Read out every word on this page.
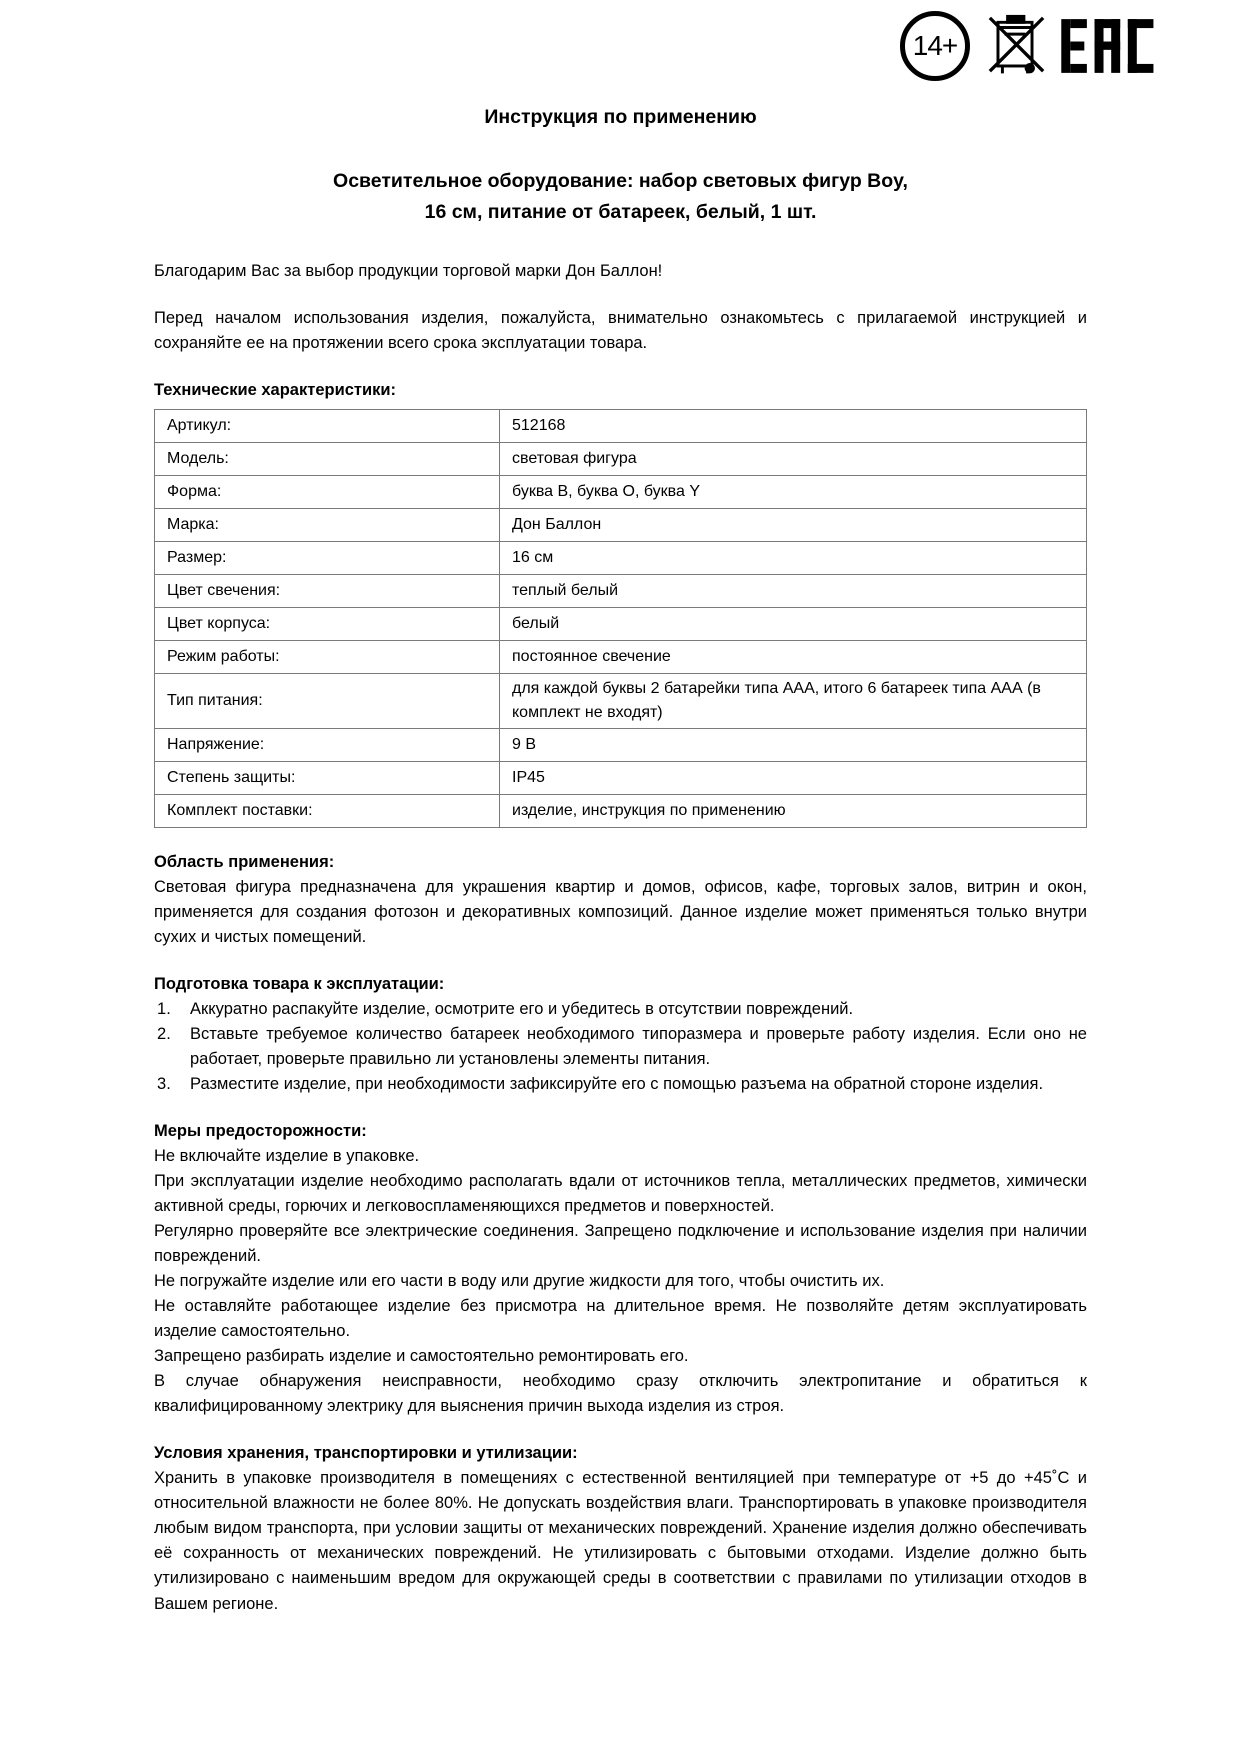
14+
Инструкция по применению
Осветительное оборудование: набор световых фигур Boy,
16 см, питание от батареек, белый, 1 шт.

Благодарим Вас за выбор продукции торговой марки Дон Баллон!

Перед началом использования изделия, пожалуйста, внимательно ознакомьтесь с прилагаемой инструкцией и сохраняйте ее на протяжении всего срока эксплуатации товара.

Технические характеристики:
Артикул:	512168
Модель:	световая фигура
Форма:	буква B, буква O, буква Y
Марка:	Дон Баллон
Размер:	16 см
Цвет свечения:	теплый белый
Цвет корпуса:	белый
Режим работы:	постоянное свечение
Тип питания:	для каждой буквы 2 батарейки типа ААА, итого 6 батареек типа ААА (в комплект не входят)
Напряжение:	9 В
Степень защиты:	IP45
Комплект поставки:	изделие, инструкция по применению
Область применения:

Световая фигура предназначена для украшения квартир и домов, офисов, кафе, торговых залов, витрин и окон, применяется для создания фотозон и декоративных композиций. Данное изделие может применяться только внутри сухих и чистых помещений.

Подготовка товара к эксплуатации:
Аккуратно распакуйте изделие, осмотрите его и убедитесь в отсутствии повреждений.
Вставьте требуемое количество батареек необходимого типоразмера и проверьте работу изделия. Если оно не работает, проверьте правильно ли установлены элементы питания.
Разместите изделие, при необходимости зафиксируйте его с помощью разъема на обратной стороне изделия.
Меры предосторожности:

Не включайте изделие в упаковке.

При эксплуатации изделие необходимо располагать вдали от источников тепла, металлических предметов, химически активной среды, горючих и легковоспламеняющихся предметов и поверхностей.

Регулярно проверяйте все электрические соединения. Запрещено подключение и использование изделия при наличии повреждений.

Не погружайте изделие или его части в воду или другие жидкости для того, чтобы очистить их.

Не оставляйте работающее изделие без присмотра на длительное время. Не позволяйте детям эксплуатировать изделие самостоятельно.

Запрещено разбирать изделие и самостоятельно ремонтировать его.

В случае обнаружения неисправности, необходимо сразу отключить электропитание и обратиться к квалифицированному электрику для выяснения причин выхода изделия из строя.

Условия хранения, транспортировки и утилизации:

Хранить в упаковке производителя в помещениях с естественной вентиляцией при температуре от +5 до +45˚C и относительной влажности не более 80%. Не допускать воздействия влаги. Транспортировать в упаковке производителя любым видом транспорта, при условии защиты от механических повреждений. Хранение изделия должно обеспечивать её сохранность от механических повреждений. Не утилизировать с бытовыми отходами. Изделие должно быть утилизировано с наименьшим вредом для окружающей среды в соответствии с правилами по утилизации отходов в Вашем регионе.
